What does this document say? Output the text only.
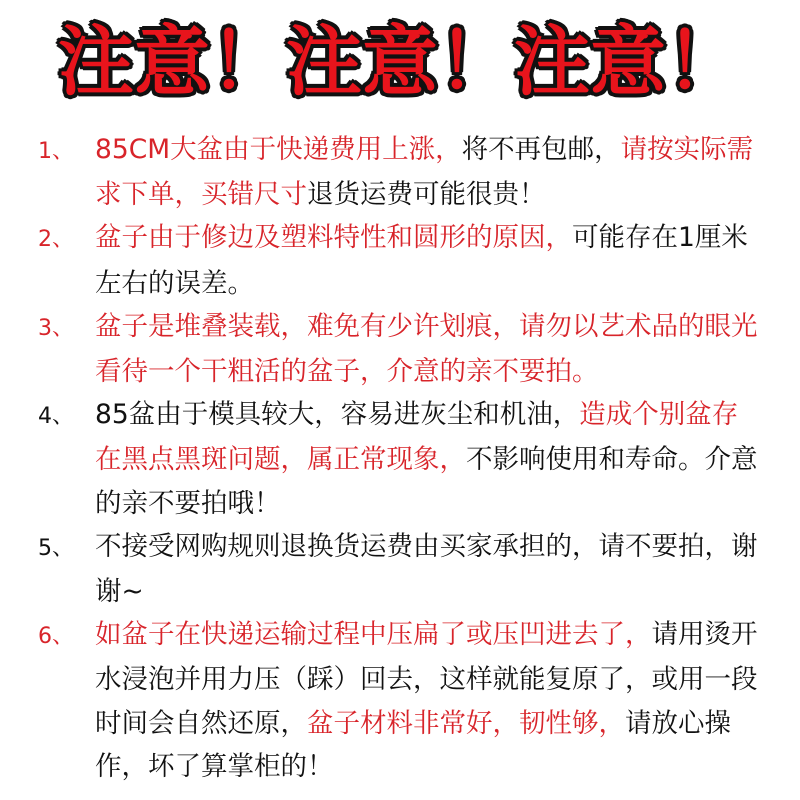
注意！注意！注意！

1、 85CM大盆由于快递费用上涨，将不再包邮，请按实际需求下单，买错尺寸退货运费可能很贵！

2、 盆子由于修边及塑料特性和圆形的原因，可能存在1厘米左右的误差。

3、 盆子是堆叠装载，难免有少许划痕，请勿以艺术品的眼光看待一个干粗活的盆子，介意的亲不要拍。

4、 85盆由于模具较大，容易进灰尘和机油，造成个别盆存在黑点黑斑问题，属正常现象，不影响使用和寿命。介意的亲不要拍哦！

5、 不接受网购规则退换货运费由买家承担的，请不要拍，谢谢~

6、 如盆子在快递运输过程中压扁了或压凹进去了，请用烫开水浸泡并用力压（踩）回去，这样就能复原了，或用一段时间会自然还原，盆子材料非常好，韧性够，请放心操作，坏了算掌柜的！
